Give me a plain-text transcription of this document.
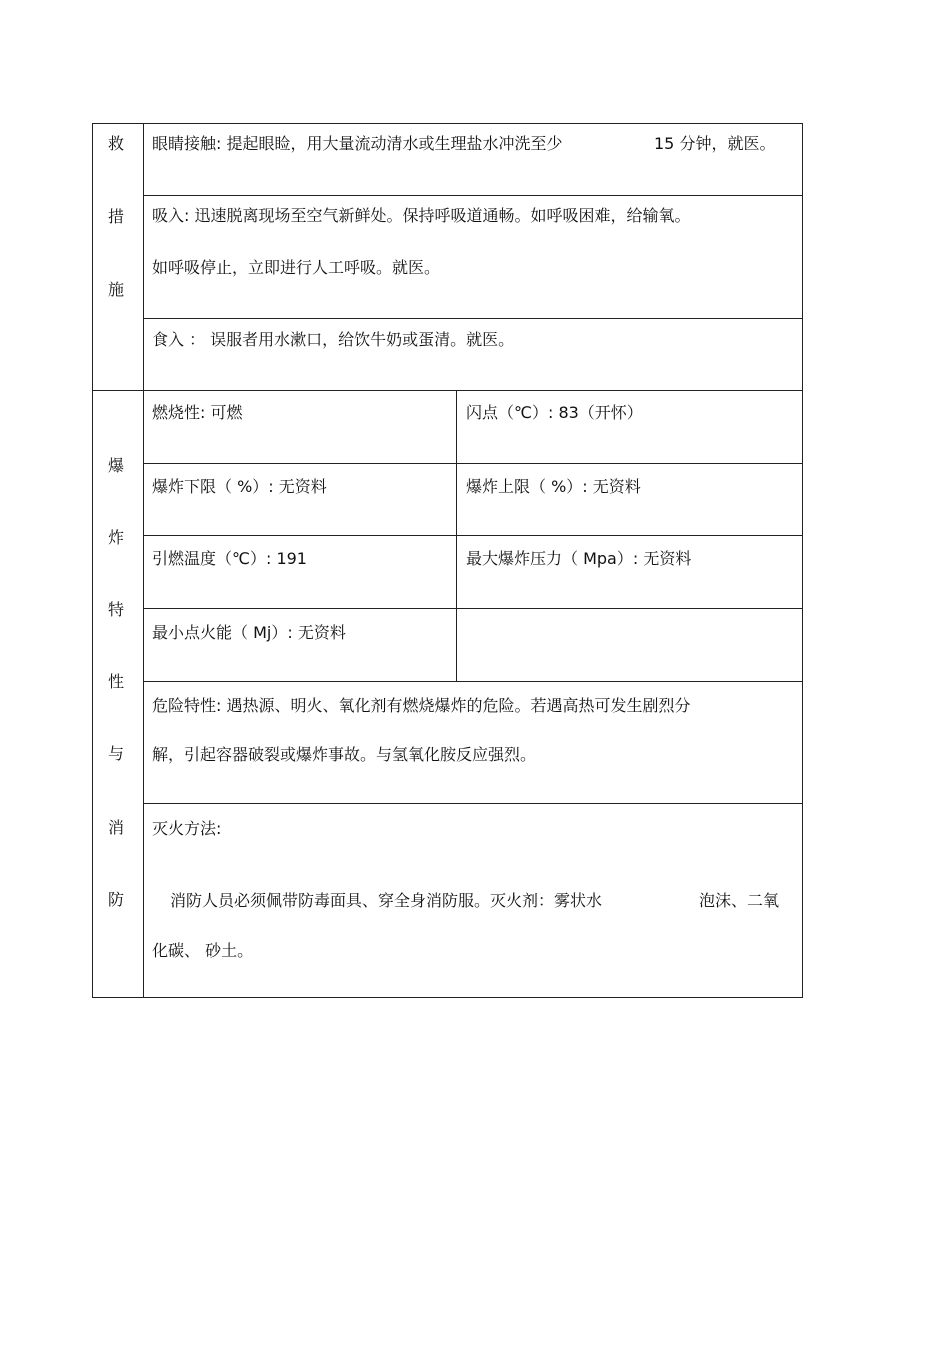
救
措
施
眼睛接触: 提起眼睑，用大量流动清水或生理盐水冲洗至少	15 分钟，就医。
吸入: 迅速脱离现场至空气新鲜处。保持呼吸道通畅。如呼吸困难，给输氧。
如呼吸停止，立即进行人工呼吸。就医。
食入 ： 误服者用水漱口，给饮牛奶或蛋清。就医。
爆
炸
特
性
与
消
防
燃烧性: 可燃	闪点（℃）: 83（开怀）
爆炸下限（ %）: 无资料	爆炸上限（ %）: 无资料
引燃温度（℃）: 191	最大爆炸压力（ Mpa）: 无资料
最小点火能（ Mj）: 无资料
危险特性: 遇热源、明火、氧化剂有燃烧爆炸的危险。若遇高热可发生剧烈分
解，引起容器破裂或爆炸事故。与氢氧化胺反应强烈。
灭火方法:
消防人员必须佩带防毒面具、穿全身消防服。灭火剂：雾状水	泡沫、二氧
化碳、 砂土。
